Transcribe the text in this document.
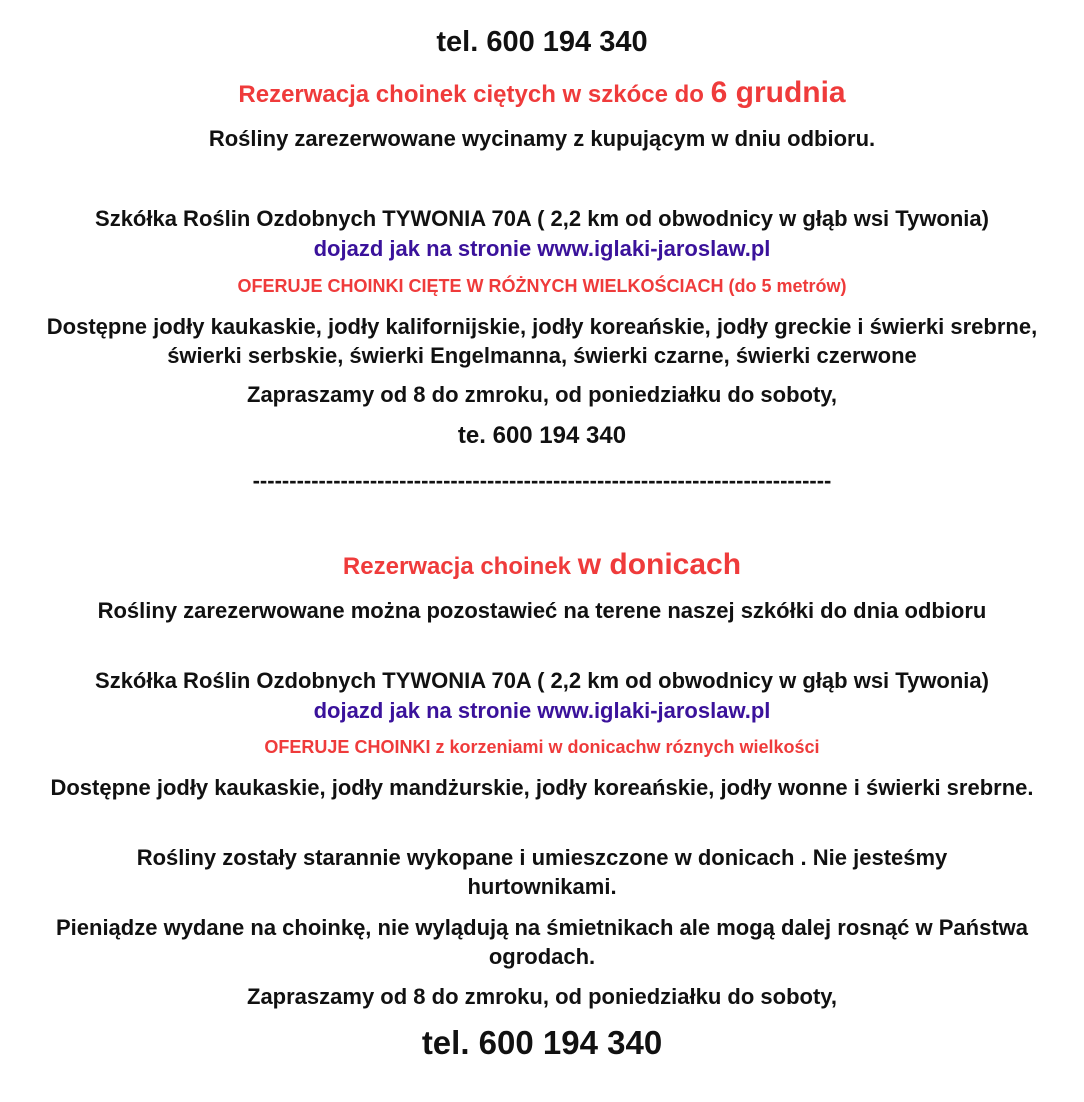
tel. 600 194 340
Rezerwacja choinek ciętych w szkóce do 6 grudnia
Rośliny zarezerwowane wycinamy z kupującym w dniu odbioru.
Szkółka Roślin Ozdobnych TYWONIA 70A ( 2,2 km od obwodnicy w głąb wsi Tywonia)
dojazd jak na stronie www.iglaki-jaroslaw.pl
OFERUJE CHOINKI CIĘTE W RÓŻNYCH WIELKOŚCIACH (do 5 metrów)
Dostępne jodły kaukaskie, jodły kalifornijskie, jodły koreańskie, jodły greckie i świerki srebrne, świerki serbskie, świerki Engelmanna, świerki czarne, świerki czerwone
Zapraszamy od 8 do zmroku, od poniedziałku do soboty,
te. 600 194 340
-------------------------------------------------------------------------------
Rezerwacja choinek w donicach
Rośliny zarezerwowane można pozostawieć na terene naszej szkółki do dnia odbioru
Szkółka Roślin Ozdobnych TYWONIA 70A ( 2,2 km od obwodnicy w głąb wsi Tywonia)
dojazd jak na stronie www.iglaki-jaroslaw.pl
OFERUJE CHOINKI z korzeniami w donicachw róznych wielkości
Dostępne jodły kaukaskie, jodły mandżurskie, jodły koreańskie, jodły wonne i świerki srebrne.
Rośliny zostały starannie wykopane i umieszczone w donicach . Nie jesteśmy hurtownikami.
Pieniądze wydane na choinkę, nie wylądują na śmietnikach ale mogą dalej rosnąć w Państwa ogrodach.
Zapraszamy od 8 do zmroku, od poniedziałku do soboty,
tel. 600 194 340
